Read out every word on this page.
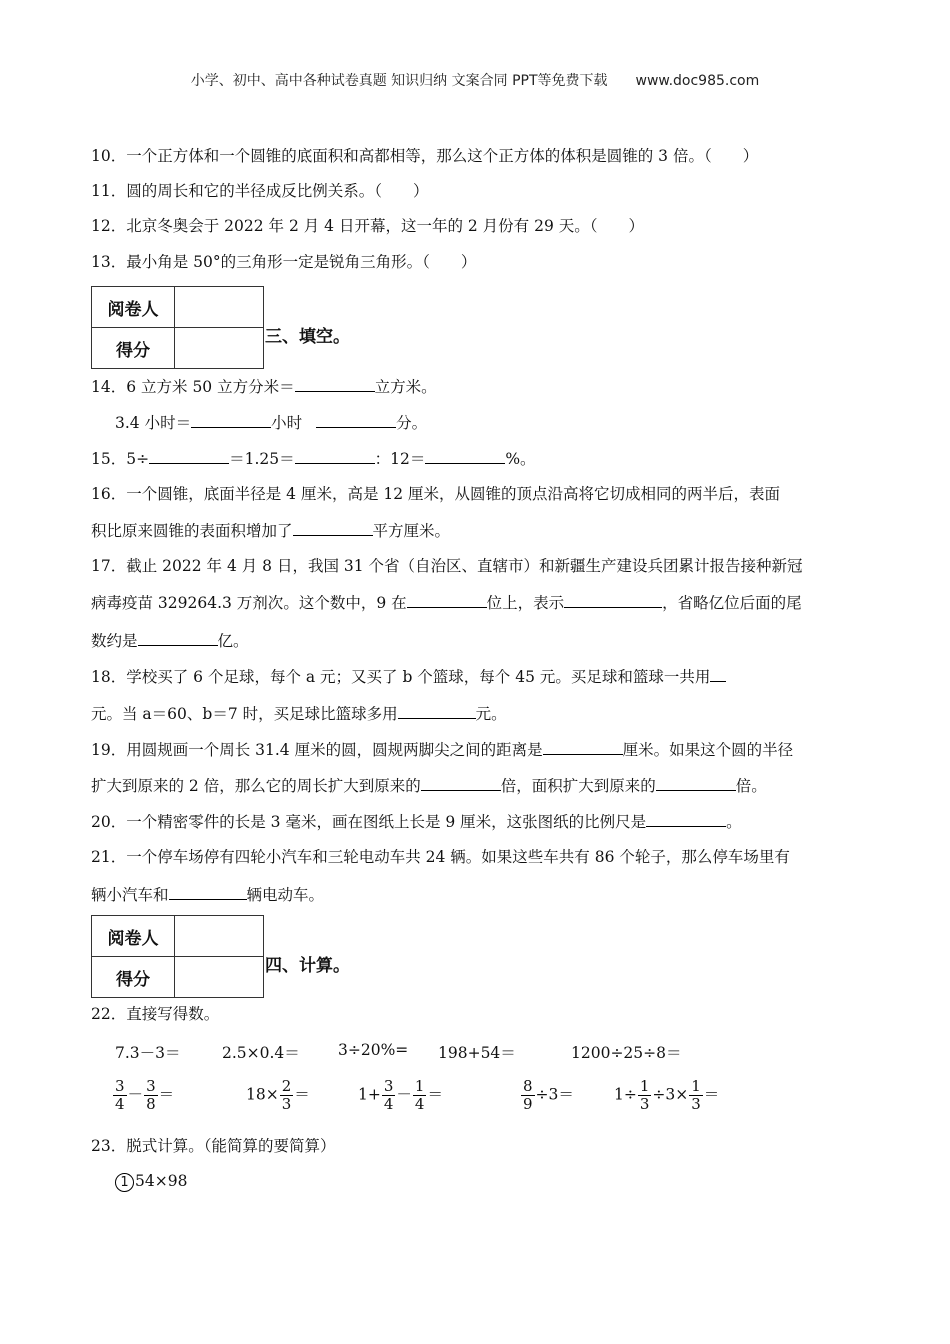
小学、初中、高中各种试卷真题 知识归纳 文案合同 PPT等免费下载 www.doc985.com
10．一个正方体和一个圆锥的底面积和高都相等，那么这个正方体的体积是圆锥的 3 倍。（　　）
11．圆的周长和它的半径成反比例关系。（　　）
12．北京冬奥会于 2022 年 2 月 4 日开幕，这一年的 2 月份有 29 天。（　　）
13．最小角是 50°的三角形一定是锐角三角形。（　　）
阅卷人	
得分	
三、填空。
14．6 立方米 50 立方分米＝	立方米。
3.4 小时＝	小时	分。
15．5÷	＝1.25＝	：12＝	%。
16．一个圆锥，底面半径是 4 厘米，高是 12 厘米，从圆锥的顶点沿高将它切成相同的两半后，表面
积比原来圆锥的表面积增加了	平方厘米。
17．截止 2022 年 4 月 8 日，我国 31 个省（自治区、直辖市）和新疆生产建设兵团累计报告接种新冠
病毒疫苗 329264.3 万剂次。这个数中，9 在	位上，表示	，省略亿位后面的尾
数约是	亿。
18．学校买了 6 个足球，每个 a 元；又买了 b 个篮球，每个 45 元。买足球和篮球一共用
元。当 a＝60、b＝7 时，买足球比篮球多用	元。
19．用圆规画一个周长 31.4 厘米的圆，圆规两脚尖之间的距离是	厘米。如果这个圆的半径
扩大到原来的 2 倍，那么它的周长扩大到原来的	倍，面积扩大到原来的	倍。
20．一个精密零件的长是 3 毫米，画在图纸上长是 9 厘米，这张图纸的比例尺是	。
21．一个停车场停有四轮小汽车和三轮电动车共 24 辆。如果这些车共有 86 个轮子，那么停车场里有
辆小汽车和	辆电动车。
阅卷人	
得分	
四、计算。
22．直接写得数。
7.3－3＝	2.5×0.4＝ 3÷20%= 198+54＝	1200÷25÷8＝
$\frac{3}{4} - \frac{3}{8}$ ＝	$18\times \frac{2}{3}$ ＝	$1+ \frac{3}{4} - \frac{1}{4}$ ＝	$\frac{8}{9} \div 3=$	$1\div \frac{1}{3} \div 3\times \frac{1}{3}$ ＝
23．脱式计算。（能简算的要简算）
1 54×98
